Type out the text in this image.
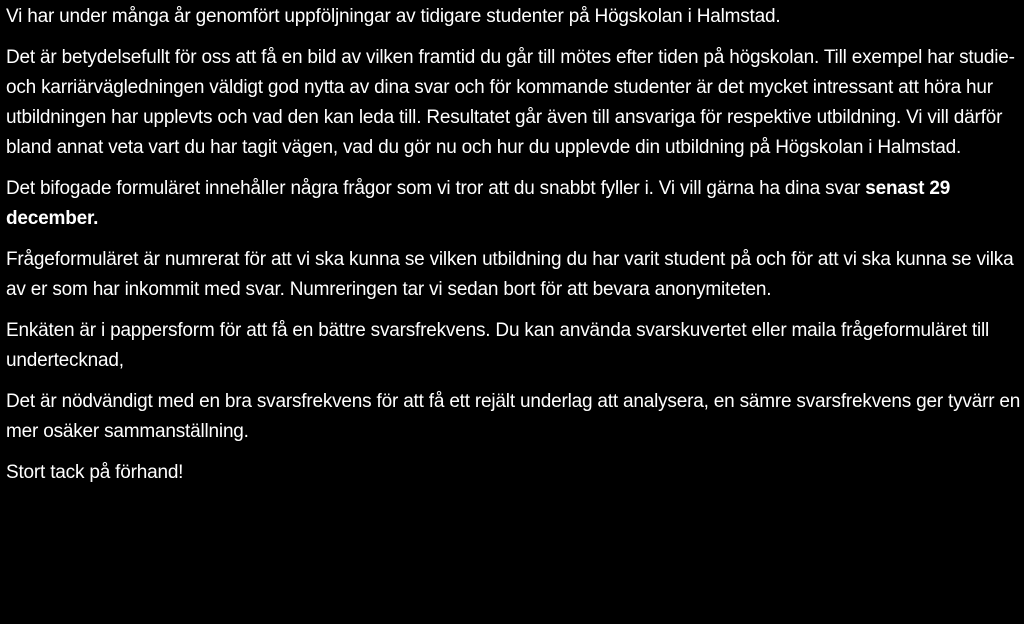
Vi har under många år genomfört uppföljningar av tidigare studenter på Högskolan i Halmstad.

Det är betydelsefullt för oss att få en bild av vilken framtid du går till mötes efter tiden på högskolan. Till exempel har studie- och karriärvägledningen väldigt god nytta av dina svar och för kommande studenter är det mycket intressant att höra hur utbildningen har upplevts och vad den kan leda till. Resultatet går även till ansvariga för respektive utbildning. Vi vill därför bland annat veta vart du har tagit vägen, vad du gör nu och hur du upplevde din utbildning på Högskolan i Halmstad.

Det bifogade formuläret innehåller några frågor som vi tror att du snabbt fyller i. Vi vill gärna ha dina svar senast 29 december.

Frågeformuläret är numrerat för att vi ska kunna se vilken utbildning du har varit student på och för att vi ska kunna se vilka av er som har inkommit med svar. Numreringen tar vi sedan bort för att bevara anonymiteten.

Enkäten är i pappersform för att få en bättre svarsfrekvens. Du kan använda svarskuvertet eller maila frågeformuläret till undertecknad,

Det är nödvändigt med en bra svarsfrekvens för att få ett rejält underlag att analysera, en sämre svarsfrekvens ger tyvärr en mer osäker sammanställning.

Stort tack på förhand!
